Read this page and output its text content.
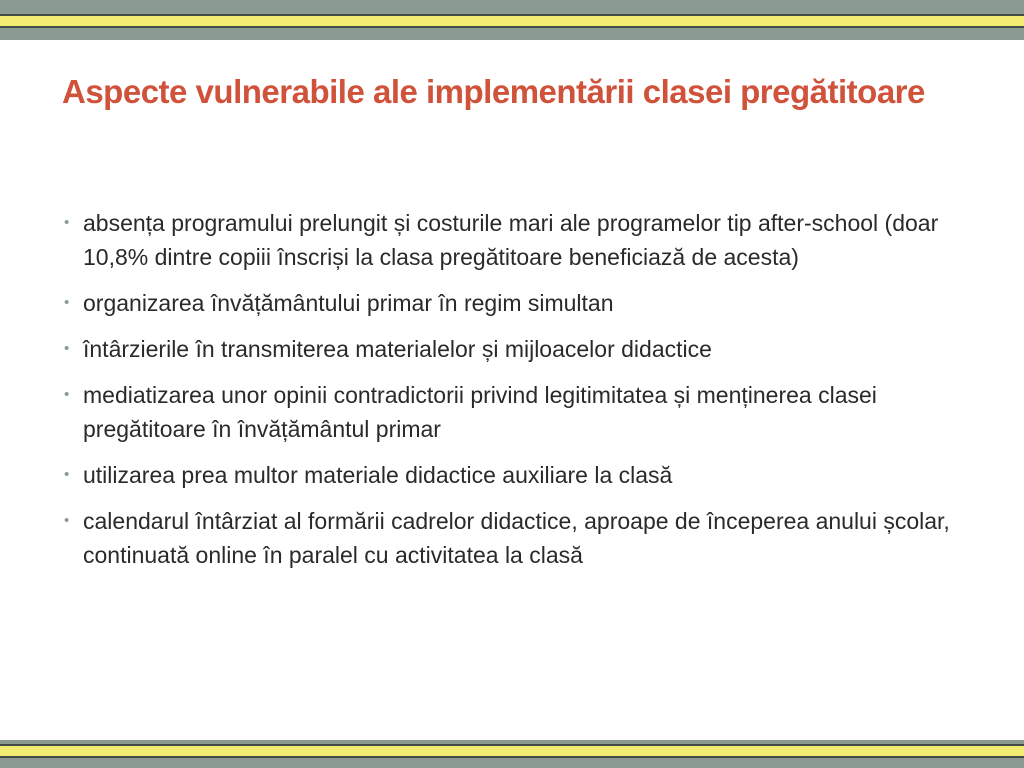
Aspecte vulnerabile ale implementării clasei pregătitoare
• absența programului prelungit și costurile mari ale programelor tip after-school (doar 10,8% dintre copiii înscriși la clasa pregătitoare beneficiază de acesta)
• organizarea învățământului primar în regim simultan
• întârzierile în transmiterea materialelor și mijloacelor didactice
• mediatizarea unor opinii contradictorii privind legitimitatea și menținerea clasei pregătitoare în învățământul primar
• utilizarea prea multor materiale didactice auxiliare la clasă
• calendarul întârziat al formării cadrelor didactice, aproape de începerea anului școlar, continuată online în paralel cu activitatea la clasă
